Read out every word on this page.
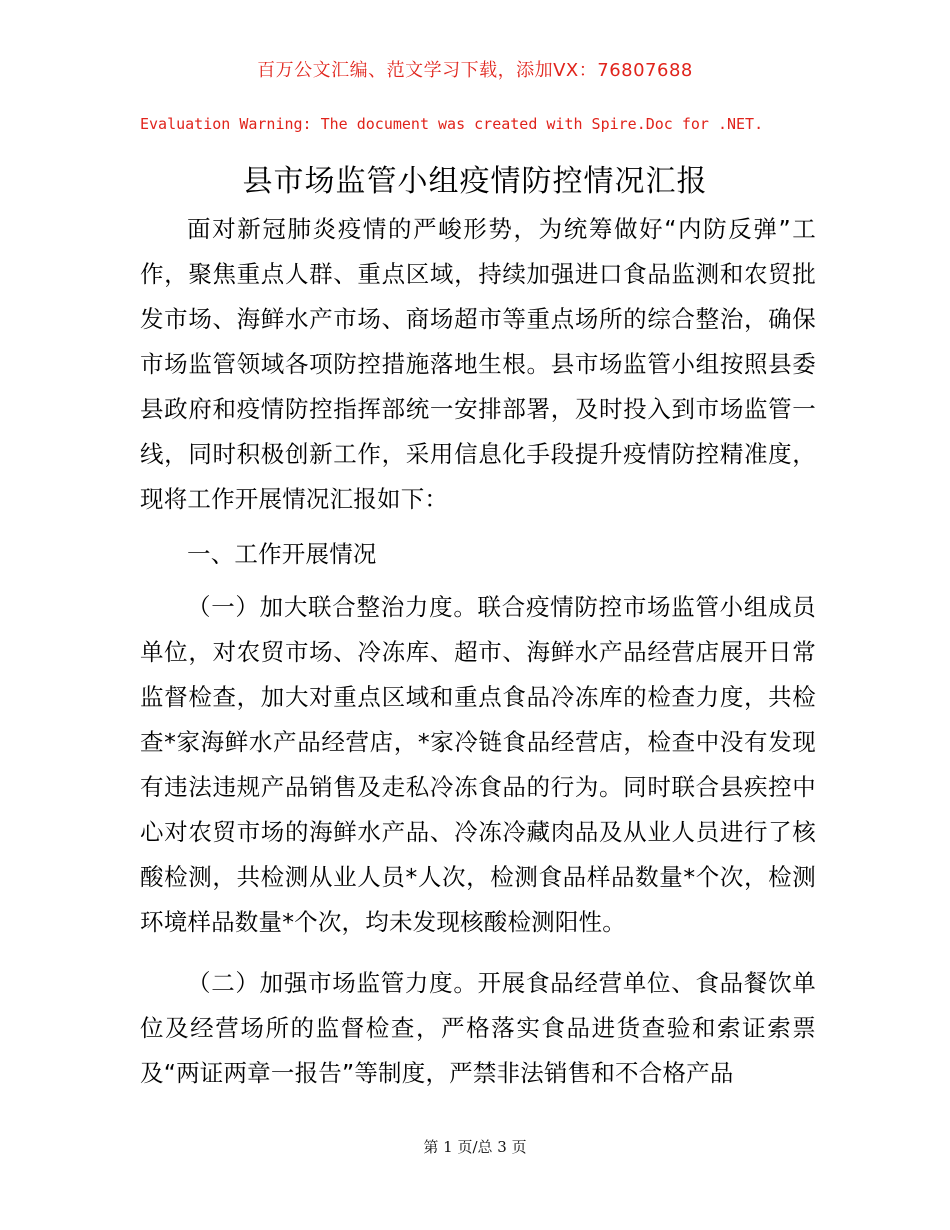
百万公文汇编、范文学习下载，添加VX：76807688
Evaluation Warning: The document was created with Spire.Doc for .NET.
县市场监管小组疫情防控情况汇报

面对新冠肺炎疫情的严峻形势，为统筹做好“内防反弹”工作，聚焦重点人群、重点区域，持续加强进口食品监测和农贸批发市场、海鲜水产市场、商场超市等重点场所的综合整治，确保市场监管领域各项防控措施落地生根。县市场监管小组按照县委县政府和疫情防控指挥部统一安排部署，及时投入到市场监管一线，同时积极创新工作，采用信息化手段提升疫情防控精准度，现将工作开展情况汇报如下：

一、工作开展情况

（一）加大联合整治力度。联合疫情防控市场监管小组成员单位，对农贸市场、冷冻库、超市、海鲜水产品经营店展开日常监督检查，加大对重点区域和重点食品冷冻库的检查力度，共检查*家海鲜水产品经营店，*家冷链食品经营店，检查中没有发现有违法违规产品销售及走私冷冻食品的行为。同时联合县疾控中心对农贸市场的海鲜水产品、冷冻冷藏肉品及从业人员进行了核酸检测，共检测从业人员*人次，检测食品样品数量*个次，检测环境样品数量*个次，均未发现核酸检测阳性。

（二）加强市场监管力度。开展食品经营单位、食品餐饮单位及经营场所的监督检查，严格落实食品进货查验和索证索票及“两证两章一报告”等制度，严禁非法销售和不合格产品

第 1 页/总 3 页
